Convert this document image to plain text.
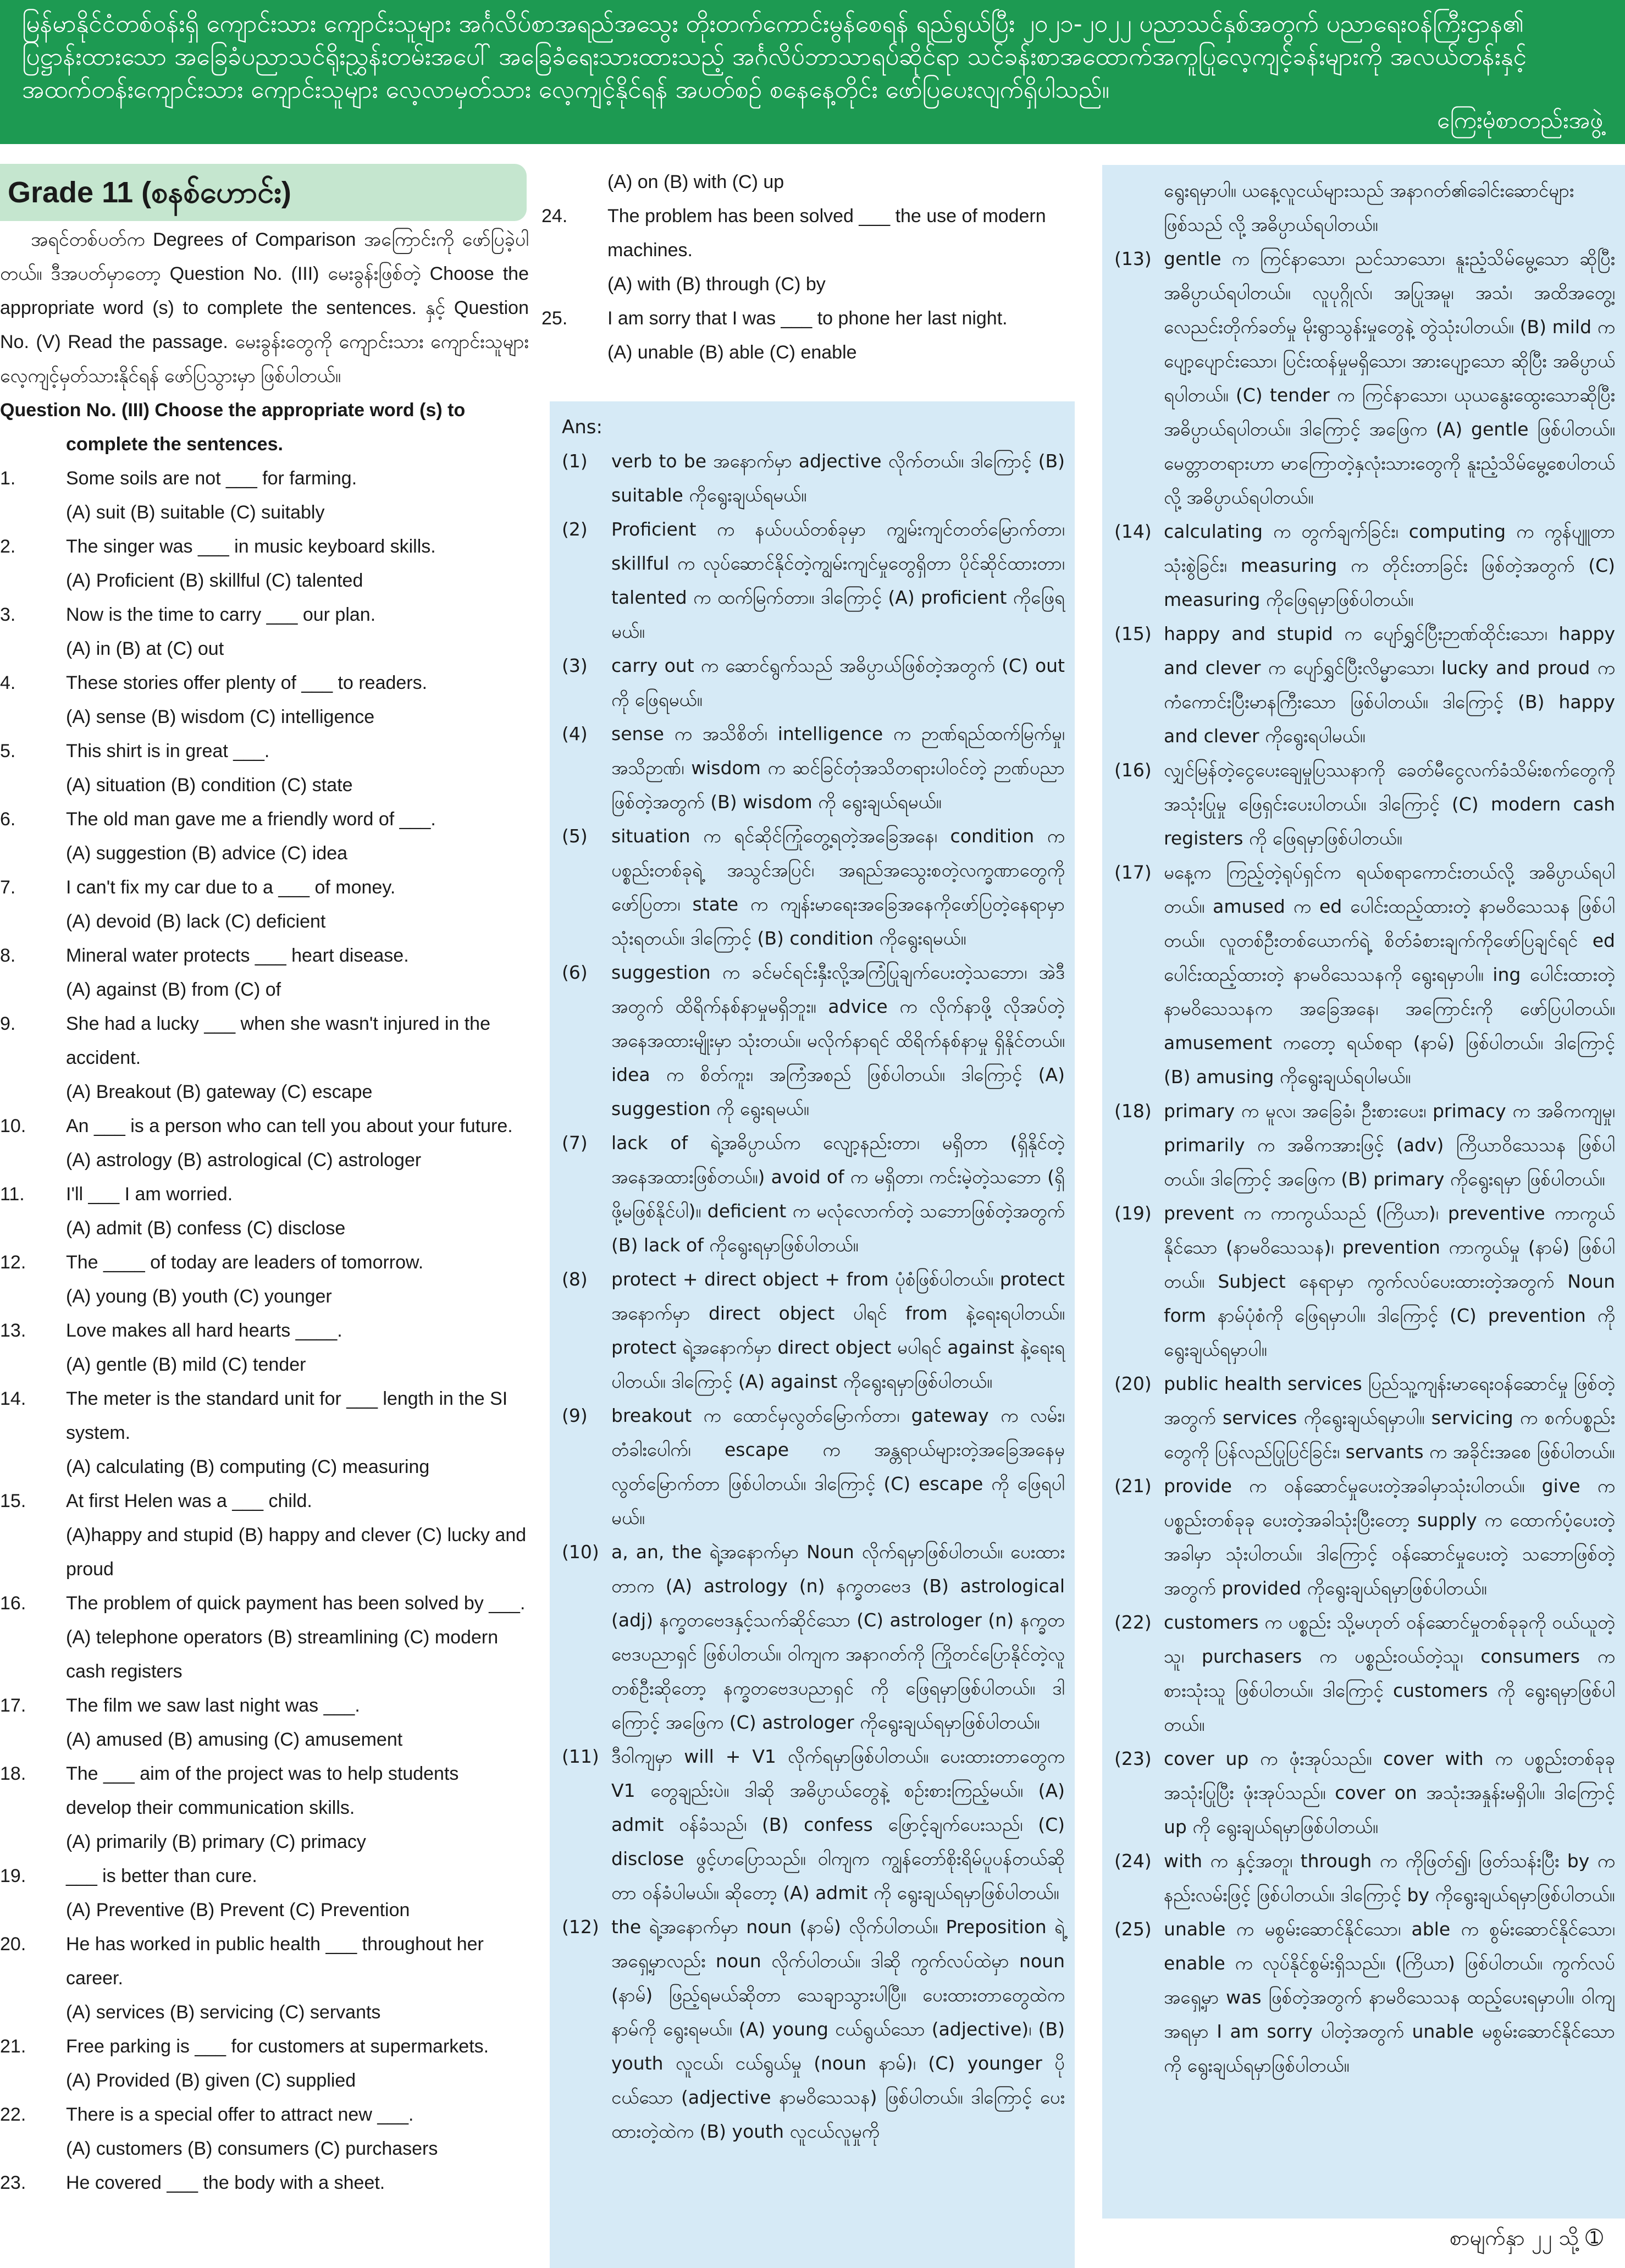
မြန်မာနိုင်ငံတစ်ဝန်းရှိ ကျောင်းသား ကျောင်းသူများ အင်္ဂလိပ်စာအရည်အသွေး တိုးတက်ကောင်းမွန်စေရန် ရည်ရွယ်ပြီး ၂၀၂၁-၂၀၂၂ ပညာသင်နှစ်အတွက် ပညာရေးဝန်ကြီးဌာန၏

ပြဋ္ဌာန်းထားသော အခြေခံပညာသင်ရိုးညွှန်းတမ်းအပေါ် အခြေခံရေးသားထားသည့် အင်္ဂလိပ်ဘာသာရပ်ဆိုင်ရာ သင်ခန်းစာအထောက်အကူပြုလေ့ကျင့်ခန်းများကို အလယ်တန်းနှင့်

အထက်တန်းကျောင်းသား ကျောင်းသူများ လေ့လာမှတ်သား လေ့ကျင့်နိုင်ရန် အပတ်စဉ် စနေနေ့တိုင်း ဖော်ပြပေးလျက်ရှိပါသည်။

ကြေးမုံစာတည်းအဖွဲ့
Grade 11 (စနစ်ဟောင်း)

အရင်တစ်ပတ်က Degrees of Comparison အကြောင်းကို ဖော်ပြခဲ့ပါတယ်။ ဒီအပတ်မှာတော့ Question No. (III) မေးခွန်းဖြစ်တဲ့ Choose the appropriate word (s) to complete the sentences. နှင့် Question No. (V) Read the passage. မေးခွန်းတွေကို ကျောင်းသား ကျောင်းသူများ လေ့ကျင့်မှတ်သားနိုင်ရန် ဖော်ပြသွားမှာ ဖြစ်ပါတယ်။

Question No. (III) Choose the appropriate word (s) to complete the sentences.

1.	Some soils are not ___ for farming.
(A) suit (B) suitable (C) suitably
2.	The singer was ___ in music keyboard skills.
(A) Proficient (B) skillful (C) talented
3.	Now is the time to carry ___ our plan.
(A) in (B) at (C) out
4.	These stories offer plenty of ___ to readers.
(A) sense (B) wisdom (C) intelligence
5.	This shirt is in great ___.
(A) situation (B) condition (C) state
6.	The old man gave me a friendly word of ___.
(A) suggestion (B) advice (C) idea
7.	I can't fix my car due to a ___ of money.
(A) devoid (B) lack (C) deficient
8.	Mineral water protects ___ heart disease.
(A) against (B) from (C) of
9.	She had a lucky ___ when she wasn't injured in the accident.
(A) Breakout (B) gateway (C) escape
10. An ___ is a person who can tell you about your future.
(A) astrology (B) astrological (C) astrologer
11. I'll ___ I am worried.
(A) admit (B) confess (C) disclose
12. The ____ of today are leaders of tomorrow.
(A) young (B) youth (C) younger
13. Love makes all hard hearts ____.
(A) gentle (B) mild (C) tender
14. The meter is the standard unit for ___ length in the SI system.
(A) calculating (B) computing (C) measuring
15. At first Helen was a ___ child.
(A)happy and stupid (B) happy and clever (C) lucky and proud
16. The problem of quick payment has been solved by ___.
(A) telephone operators (B) streamlining (C) modern cash registers
17. The film we saw last night was ___.
(A) amused (B) amusing (C) amusement
18. The ___ aim of the project was to help students develop their communication skills.
(A) primarily (B) primary (C) primacy
19. ___ is better than cure.
(A) Preventive (B) Prevent (C) Prevention
20. He has worked in public health ___ throughout her career.
(A) services (B) servicing (C) servants
21. Free parking is ___ for customers at supermarkets.
(A) Provided (B) given (C) supplied
22. There is a special offer to attract new ___.
(A) customers (B) consumers (C) purchasers
23. He covered ___ the body with a sheet.
(A) on (B) with (C) up
24. The problem has been solved ___ the use of modern machines.
(A) with (B) through (C) by
25. I am sorry that I was ___ to phone her last night.
(A) unable (B) able (C) enable

Ans:

(1) verb to be အနောက်မှာ adjective လိုက်တယ်။ ဒါကြောင့် (B) suitable ကိုရွေးချယ်ရမယ်။
(2) Proficient က နယ်ပယ်တစ်ခုမှာ ကျွမ်းကျင်တတ်မြောက်တာ၊ skillful က လုပ်ဆောင်နိုင်တဲ့ကျွမ်းကျင်မှုတွေရှိတာ ပိုင်ဆိုင်ထားတာ၊ talented က ထက်မြက်တာ။ ဒါကြောင့် (A) proficient ကိုဖြေရမယ်။
(3) carry out က ဆောင်ရွက်သည် အဓိပ္ပာယ်ဖြစ်တဲ့အတွက် (C) out ကို ဖြေရမယ်။
(4) sense က အသိစိတ်၊ intelligence က ဉာဏ်ရည်ထက်မြက်မှု၊ အသိဉာဏ်၊ wisdom က ဆင်ခြင်တုံအသိတရားပါဝင်တဲ့ ဉာဏ်ပညာဖြစ်တဲ့အတွက် (B) wisdom ကို ရွေးချယ်ရမယ်။
(5) situation က ရင်ဆိုင်ကြုံတွေ့ရတဲ့အခြေအနေ၊ condition က ပစ္စည်းတစ်ခုရဲ့ အသွင်အပြင်၊ အရည်အသွေးစတဲ့လက္ခဏာတွေကို ဖော်ပြတာ၊ state က ကျန်းမာရေးအခြေအနေကိုဖော်ပြတဲ့နေရာမှာ သုံးရတယ်။ ဒါကြောင့် (B) condition ကိုရွေးရမယ်။
(6) suggestion က ခင်မင်ရင်းနှီးလို့အကြံပြုချက်ပေးတဲ့သဘော၊ အဲဒီအတွက် ထိရိက်နစ်နာမှုမရှိဘူး။ advice က လိုက်နာဖို့ လိုအပ်တဲ့အနေအထားမျိုးမှာ သုံးတယ်။ မလိုက်နာရင် ထိရိက်နစ်နာမှု ရှိနိုင်တယ်။ idea က စိတ်ကူး၊ အကြံအစည် ဖြစ်ပါတယ်။ ဒါကြောင့် (A) suggestion ကို ရွေးရမယ်။
(7) lack of ရဲ့အဓိပ္ပာယ်က လျော့နည်းတာ၊ မရှိတာ (ရှိနိုင်တဲ့ အနေအထားဖြစ်တယ်။) avoid of က မရှိတာ၊ ကင်းမဲ့တဲ့သဘော (ရှိဖို့မဖြစ်နိုင်ပါ)။ deficient က မလုံလောက်တဲ့ သဘောဖြစ်တဲ့အတွက် (B) lack of ကိုရွေးရမှာဖြစ်ပါတယ်။
(8) protect + direct object + from ပုံစံဖြစ်ပါတယ်။ protect အနောက်မှာ direct object ပါရင် from နဲ့ရေးရပါတယ်။ protect ရဲ့အနောက်မှာ direct object မပါရင် against နဲ့ရေးရပါတယ်။ ဒါကြောင့် (A) against ကိုရွေးရမှာဖြစ်ပါတယ်။
(9) breakout က ထောင်မှလွတ်မြောက်တာ၊ gateway က လမ်း၊ တံခါးပေါက်၊ escape က အန္တရာယ်များတဲ့အခြေအနေမှ လွတ်မြောက်တာ ဖြစ်ပါတယ်။ ဒါကြောင့် (C) escape ကို ဖြေရပါမယ်။
(10) a, an, the ရဲ့အနောက်မှာ Noun လိုက်ရမှာဖြစ်ပါတယ်။ ပေးထားတာက (A) astrology (n) နက္ခတဗေဒ (B) astrological (adj) နက္ခတဗေဒနှင့်သက်ဆိုင်သော (C) astrologer (n) နက္ခတဗေဒပညာရှင် ဖြစ်ပါတယ်။ ဝါကျက အနာဂတ်ကို ကြိုတင်ပြောနိုင်တဲ့လူတစ်ဦးဆိုတော့ နက္ခတဗေဒပညာရှင် ကို ဖြေရမှာဖြစ်ပါတယ်။ ဒါကြောင့် အဖြေက (C) astrologer ကိုရွေးချယ်ရမှာဖြစ်ပါတယ်။
(11) ဒီဝါကျမှာ will + V1 လိုက်ရမှာဖြစ်ပါတယ်။ ပေးထားတာတွေက V1 တွေချည်းပဲ။ ဒါဆို အဓိပ္ပာယ်တွေနဲ့ စဉ်းစားကြည့်မယ်။ (A) admit ဝန်ခံသည်၊ (B) confess ဖြောင့်ချက်ပေးသည်၊ (C) disclose ဖွင့်ဟပြောသည်။ ဝါကျက ကျွန်တော်စိုးရိမ်ပူပန်တယ်ဆိုတာ ဝန်ခံပါမယ်။ ဆိုတော့ (A) admit ကို ရွေးချယ်ရမှာဖြစ်ပါတယ်။
(12) the ရဲ့အနောက်မှာ noun (နာမ်) လိုက်ပါတယ်။ Preposition ရဲ့အရှေ့မှာလည်း noun လိုက်ပါတယ်။ ဒါဆို ကွက်လပ်ထဲမှာ noun (နာမ်) ဖြည့်ရမယ်ဆိုတာ သေချာသွားပါပြီ။ ပေးထားတာတွေထဲက နာမ်ကို ရွေးရမယ်။ (A) young ငယ်ရွယ်သော (adjective)၊ (B) youth လူငယ်၊ ငယ်ရွယ်မှု (noun နာမ်)၊ (C) younger ပိုငယ်သော (adjective နာမဝိသေသန) ဖြစ်ပါတယ်။ ဒါကြောင့် ပေးထားတဲ့ထဲက (B) youth လူငယ်လူမှုကို

ရွေးရမှာပါ။ ယနေ့လူငယ်များသည် အနာဂတ်၏ခေါင်းဆောင်များဖြစ်သည် လို့ အဓိပ္ပာယ်ရပါတယ်။

(13) gentle က ကြင်နာသော၊ ညင်သာသော၊ နူးညံ့သိမ်မွေ့သော ဆိုပြီး အဓိပ္ပာယ်ရပါတယ်။ လူပုဂ္ဂိုလ်၊ အပြုအမူ၊ အသံ၊ အထိအတွေ့၊ လေညင်းတိုက်ခတ်မှု မိုးရွာသွန်းမှုတွေနဲ့ တွဲသုံးပါတယ်။ (B) mild က ပျော့ပျောင်းသော၊ ပြင်းထန်မှုမရှိသော၊ အားပျော့သော ဆိုပြီး အဓိပ္ပာယ်ရပါတယ်။ (C) tender က ကြင်နာသော၊ ယုယနွေးထွေးသောဆိုပြီး အဓိပ္ပာယ်ရပါတယ်။ ဒါကြောင့် အဖြေက (A) gentle ဖြစ်ပါတယ်။ မေတ္တာတရားဟာ မာကြောတဲ့နှလုံးသားတွေကို နူးညံ့သိမ်မွေ့စေပါတယ် လို့ အဓိပ္ပာယ်ရပါတယ်။
(14) calculating က တွက်ချက်ခြင်း၊ computing က ကွန်ပျူတာ သုံးစွဲခြင်း၊ measuring က တိုင်းတာခြင်း ဖြစ်တဲ့အတွက် (C) measuring ကိုဖြေရမှာဖြစ်ပါတယ်။
(15) happy and stupid က ပျော်ရွှင်ပြီးဉာဏ်ထိုင်းသော၊ happy and clever က ပျော်ရွှင်ပြီးလိမ္မာသော၊ lucky and proud က ကံကောင်းပြီးမာနကြီးသော ဖြစ်ပါတယ်။ ဒါကြောင့် (B) happy and clever ကိုရွေးရပါမယ်။
(16) လျှင်မြန်တဲ့ငွေပေးချေမှုပြဿနာကို ခေတ်မီငွေလက်ခံသိမ်းစက်တွေကို အသုံးပြုမှု ဖြေရှင်းပေးပါတယ်။ ဒါကြောင့် (C) modern cash registers ကို ဖြေရမှာဖြစ်ပါတယ်။
(17) မနေ့က ကြည့်တဲ့ရုပ်ရှင်က ရယ်စရာကောင်းတယ်လို့ အဓိပ္ပာယ်ရပါတယ်။ amused က ed ပေါင်းထည့်ထားတဲ့ နာမဝိသေသန ဖြစ်ပါတယ်။ လူတစ်ဦးတစ်ယောက်ရဲ့ စိတ်ခံစားချက်ကိုဖော်ပြချင်ရင် ed ပေါင်းထည့်ထားတဲ့ နာမဝိသေသနကို ရွေးရမှာပါ။ ing ပေါင်းထားတဲ့ နာမဝိသေသနက အခြေအနေ၊ အကြောင်းကို ဖော်ပြပါတယ်။ amusement ကတော့ ရယ်စရာ (နာမ်) ဖြစ်ပါတယ်။ ဒါကြောင့် (B) amusing ကိုရွေးချယ်ရပါမယ်။
(18) primary က မူလ၊ အခြေခံ၊ ဦးစားပေး၊ primacy က အဓိကကျမှု၊ primarily က အဓိကအားဖြင့် (adv) ကြိယာဝိသေသန ဖြစ်ပါတယ်။ ဒါကြောင့် အဖြေက (B) primary ကိုရွေးရမှာ ဖြစ်ပါတယ်။
(19) prevent က ကာကွယ်သည် (ကြိယာ)၊ preventive ကာကွယ်နိုင်သော (နာမဝိသေသန)၊ prevention ကာကွယ်မှု (နာမ်) ဖြစ်ပါတယ်။ Subject နေရာမှာ ကွက်လပ်ပေးထားတဲ့အတွက် Noun form နာမ်ပုံစံကို ဖြေရမှာပါ။ ဒါကြောင့် (C) prevention ကို ရွေးချယ်ရမှာပါ။
(20) public health services ပြည်သူ့ကျန်းမာရေးဝန်ဆောင်မှု ဖြစ်တဲ့အတွက် services ကိုရွေးချယ်ရမှာပါ။ servicing က စက်ပစ္စည်းတွေကို ပြန်လည်ပြုပြင်ခြင်း၊ servants က အခိုင်းအစေ ဖြစ်ပါတယ်။
(21) provide က ဝန်ဆောင်မှုပေးတဲ့အခါမှာသုံးပါတယ်။ give က ပစ္စည်းတစ်ခုခု ပေးတဲ့အခါသုံးပြီးတော့ supply က ထောက်ပံ့ပေးတဲ့အခါမှာ သုံးပါတယ်။ ဒါကြောင့် ဝန်ဆောင်မှုပေးတဲ့ သဘောဖြစ်တဲ့အတွက် provided ကိုရွေးချယ်ရမှာဖြစ်ပါတယ်။
(22) customers က ပစ္စည်း သို့မဟုတ် ဝန်ဆောင်မှုတစ်ခုခုကို ဝယ်ယူတဲ့သူ၊ purchasers က ပစ္စည်းဝယ်တဲ့သူ၊ consumers က စားသုံးသူ ဖြစ်ပါတယ်။ ဒါကြောင့် customers ကို ရွေးရမှာဖြစ်ပါတယ်။
(23) cover up က ဖုံးအုပ်သည်။ cover with က ပစ္စည်းတစ်ခုခု အသုံးပြုပြီး ဖုံးအုပ်သည်။ cover on အသုံးအနှုန်းမရှိပါ။ ဒါကြောင့် up ကို ရွေးချယ်ရမှာဖြစ်ပါတယ်။
(24) with က နှင့်အတူ၊ through က ကိုဖြတ်၍၊ ဖြတ်သန်းပြီး by က နည်းလမ်းဖြင့် ဖြစ်ပါတယ်။ ဒါကြောင့် by ကိုရွေးချယ်ရမှာဖြစ်ပါတယ်။
(25) unable က မစွမ်းဆောင်နိုင်သော၊ able က စွမ်းဆောင်နိုင်သော၊ enable က လုပ်နိုင်စွမ်းရှိသည်။ (ကြိယာ) ဖြစ်ပါတယ်။ ကွက်လပ်အရှေ့မှာ was ဖြစ်တဲ့အတွက် နာမဝိသေသန ထည့်ပေးရမှာပါ။ ဝါကျအရမှာ I am sorry ပါတဲ့အတွက် unable မစွမ်းဆောင်နိုင်သောကို ရွေးချယ်ရမှာဖြစ်ပါတယ်။
စာမျက်နှာ ၂၂ သို့ ➀
